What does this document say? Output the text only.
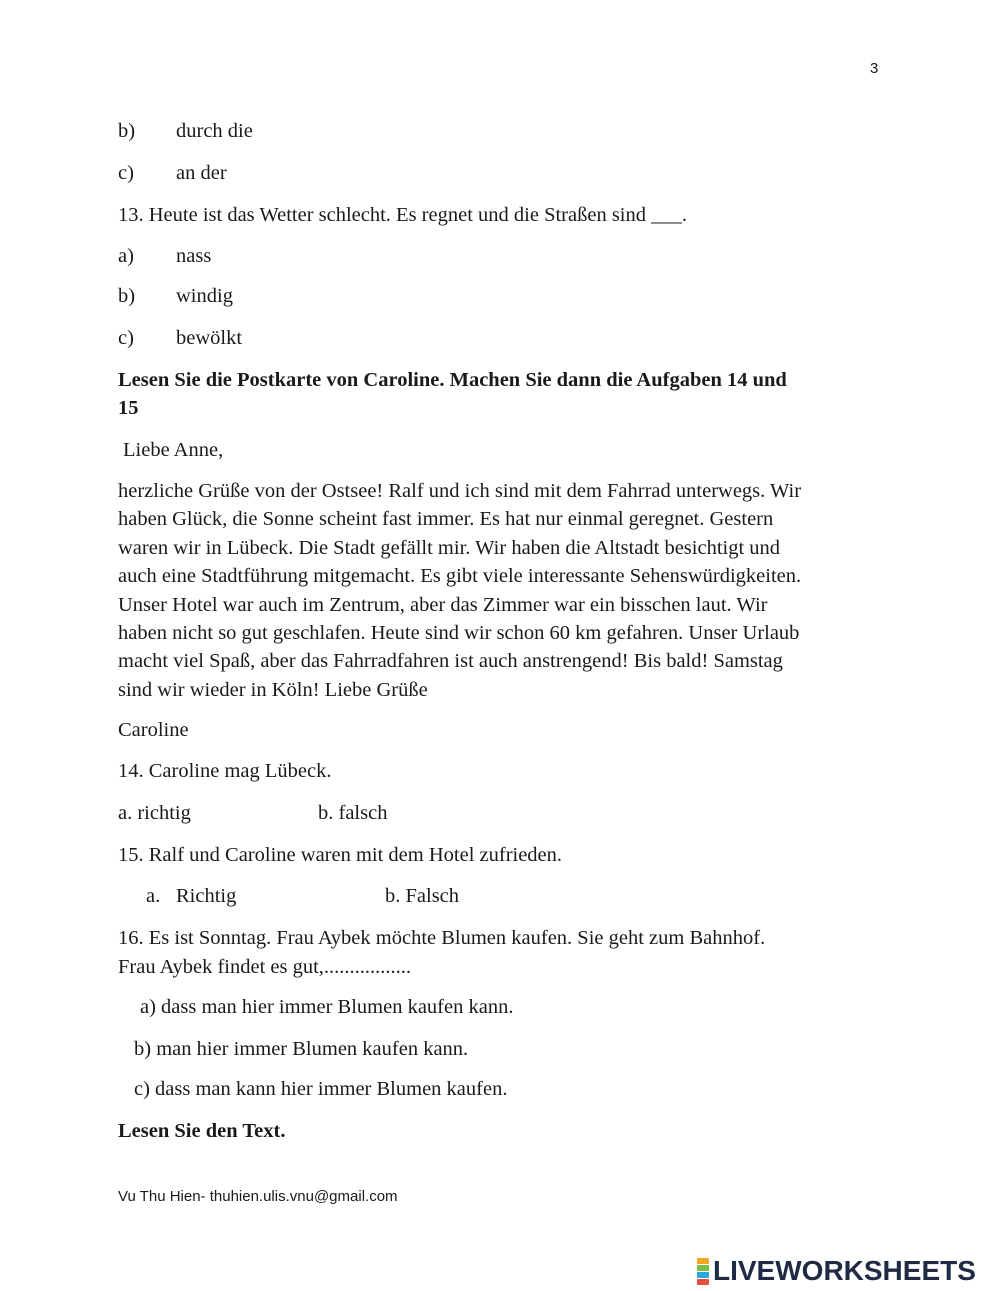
3
b) durch die
c) an der
13. Heute ist das Wetter schlecht. Es regnet und die Straßen sind ___.
a) nass
b) windig
c) bewölkt
Lesen Sie die Postkarte von Caroline. Machen Sie dann die Aufgaben 14 und
15
Liebe Anne,
herzliche Grüße von der Ostsee! Ralf und ich sind mit dem Fahrrad unterwegs. Wir
haben Glück, die Sonne scheint fast immer. Es hat nur einmal geregnet. Gestern
waren wir in Lübeck. Die Stadt gefällt mir. Wir haben die Altstadt besichtigt und
auch eine Stadtführung mitgemacht. Es gibt viele interessante Sehenswürdigkeiten.
Unser Hotel war auch im Zentrum, aber das Zimmer war ein bisschen laut. Wir
haben nicht so gut geschlafen. Heute sind wir schon 60 km gefahren. Unser Urlaub
macht viel Spaß, aber das Fahrradfahren ist auch anstrengend! Bis bald! Samstag
sind wir wieder in Köln! Liebe Grüße
Caroline
14. Caroline mag Lübeck.
a. richtig	b. falsch
15. Ralf und Caroline waren mit dem Hotel zufrieden.
a. Richtig	b. Falsch
16. Es ist Sonntag. Frau Aybek möchte Blumen kaufen. Sie geht zum Bahnhof.
Frau Aybek findet es gut,.................
a) dass man hier immer Blumen kaufen kann.
b) man hier immer Blumen kaufen kann.
c) dass man kann hier immer Blumen kaufen.
Lesen Sie den Text.
Vu Thu Hien- thuhien.ulis.vnu@gmail.com
LIVEWORKSHEETS
